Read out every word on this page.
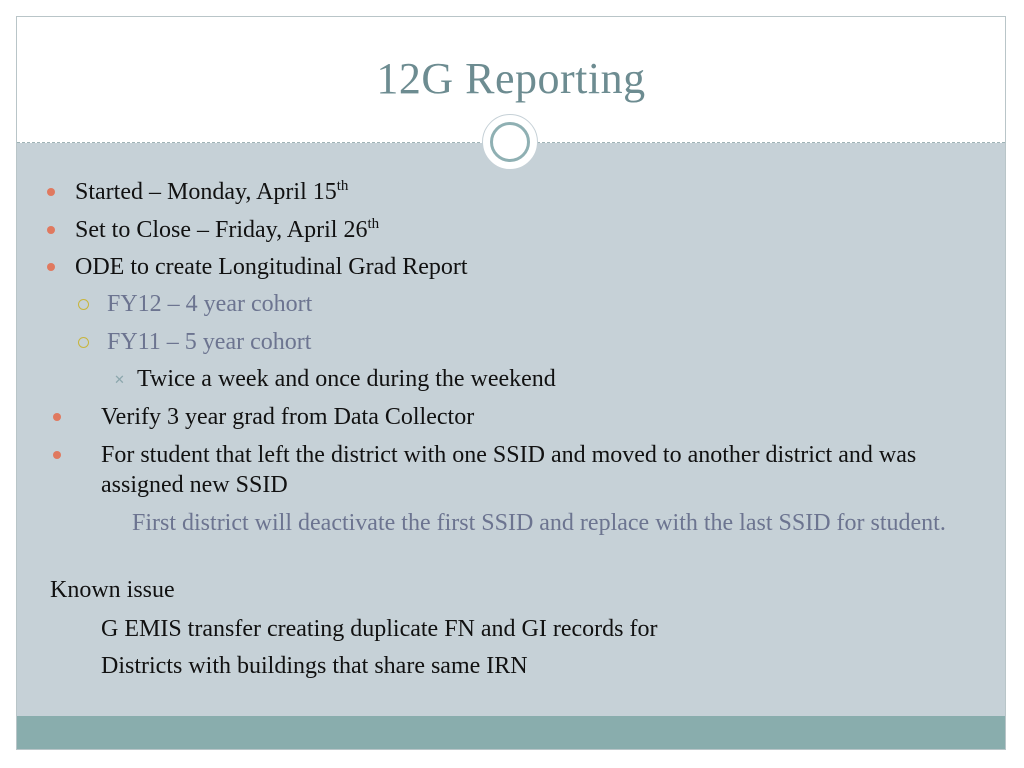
12G Reporting
Started – Monday, April 15th
Set to Close – Friday, April 26th
ODE to create Longitudinal Grad Report
FY12 – 4 year cohort
FY11 – 5 year cohort
✕ Twice a week and once during the weekend
Verify 3 year grad from Data Collector
For student that left the district with one SSID and moved to another district and was assigned new SSID
First district will deactivate the first SSID and replace with the last SSID for student.
Known issue
G EMIS transfer creating duplicate FN and GI records for
Districts with buildings that share same IRN
